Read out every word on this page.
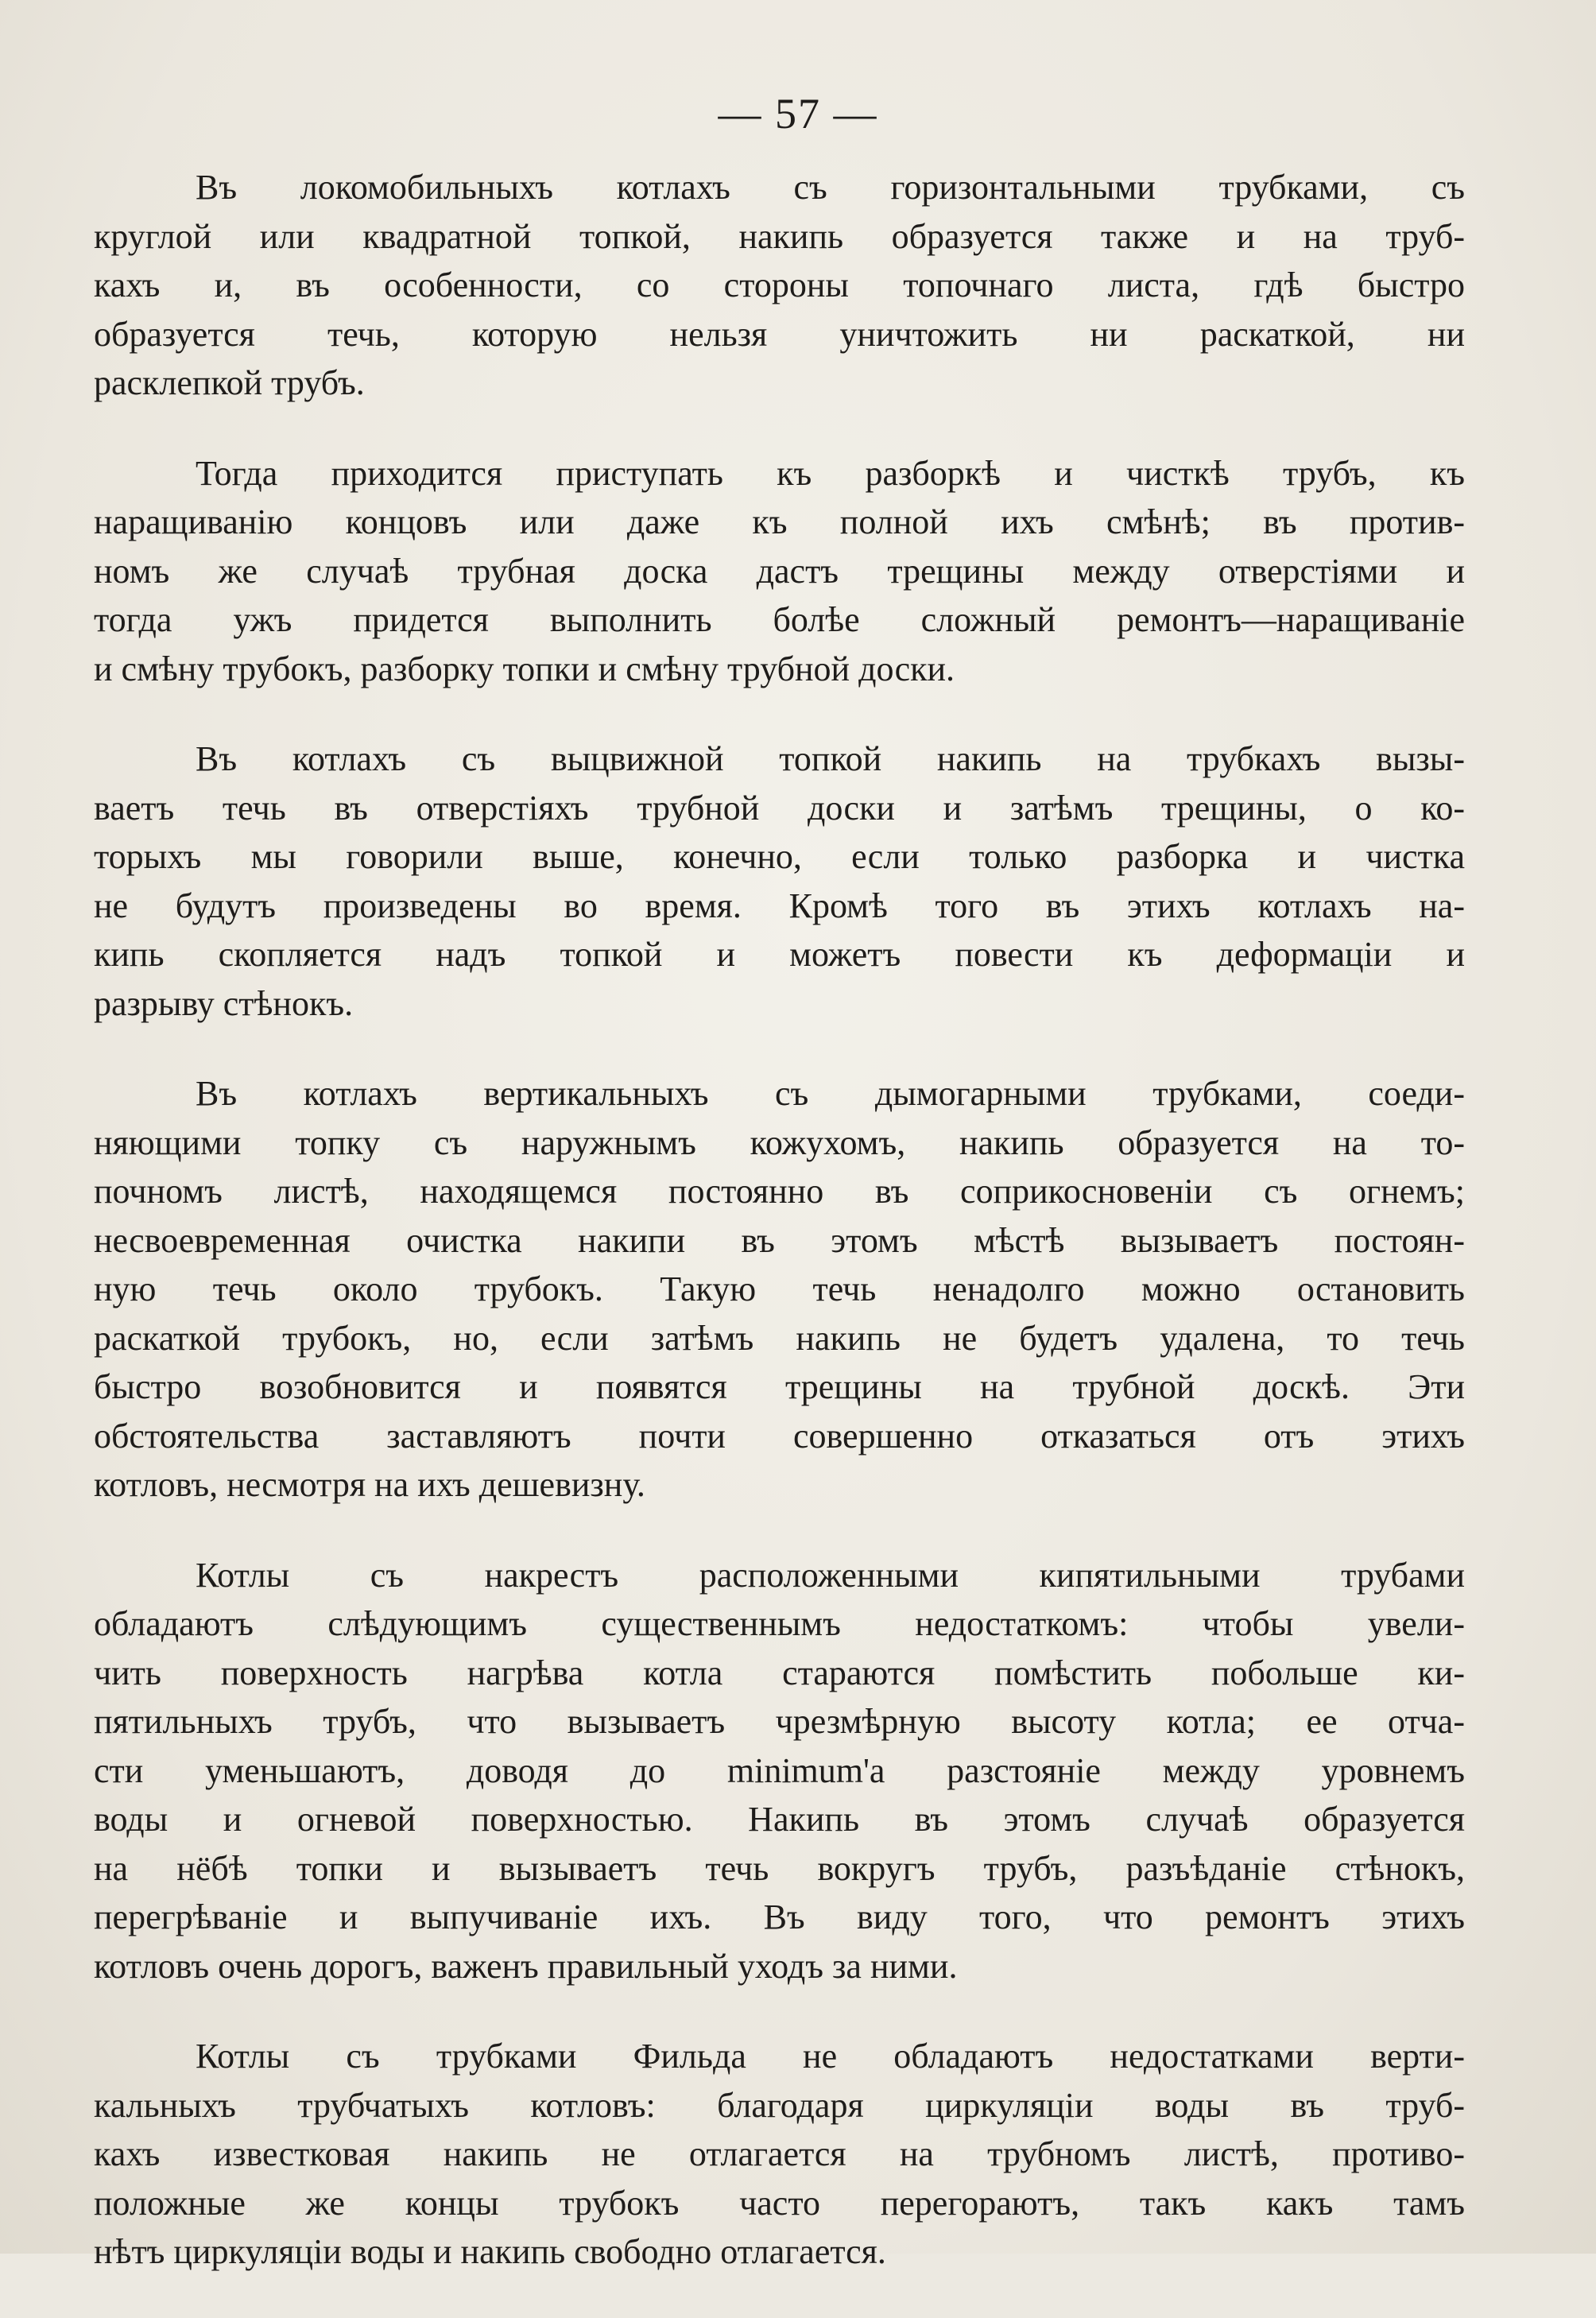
— 57 —
Въ локомобильныхъ котлахъ съ горизонтальными трубками, съ
круглой или квадратной топкой, накипь образуется также и на труб-
кахъ и, въ особенности, со стороны топочнаго листа, гдѣ быстро
образуется течь, которую нельзя уничтожить ни раскаткой, ни
расклепкой трубъ.
Тогда приходится приступать къ разборкѣ и чисткѣ трубъ, къ
наращиванію концовъ или даже къ полной ихъ смѣнѣ; въ против-
номъ же случаѣ трубная доска дастъ трещины между отверстіями и
тогда ужъ придется выполнить болѣе сложный ремонтъ—наращиваніе
и смѣну трубокъ, разборку топки и смѣну трубной доски.
Въ котлахъ съ выцвижной топкой накипь на трубкахъ вызы-
ваетъ течь въ отверстіяхъ трубной доски и затѣмъ трещины, о ко-
торыхъ мы говорили выше, конечно, если только разборка и чистка
не будутъ произведены во время. Кромѣ того въ этихъ котлахъ на-
кипь скопляется надъ топкой и можетъ повести къ деформаціи и
разрыву стѣнокъ.
Въ котлахъ вертикальныхъ съ дымогарными трубками, соеди-
няющими топку съ наружнымъ кожухомъ, накипь образуется на то-
почномъ листѣ, находящемся постоянно въ соприкосновеніи съ огнемъ;
несвоевременная очистка накипи въ этомъ мѣстѣ вызываетъ постоян-
ную течь около трубокъ. Такую течь ненадолго можно остановить
раскаткой трубокъ, но, если затѣмъ накипь не будетъ удалена, то течь
быстро возобновится и появятся трещины на трубной доскѣ. Эти
обстоятельства заставляютъ почти совершенно отказаться отъ этихъ
котловъ, несмотря на ихъ дешевизну.
Котлы съ накрестъ расположенными кипятильными трубами
обладаютъ слѣдующимъ существеннымъ недостаткомъ: чтобы увели-
чить поверхность нагрѣва котла стараются помѣстить побольше ки-
пятильныхъ трубъ, что вызываетъ чрезмѣрную высоту котла; ее отча-
сти уменьшаютъ, доводя до minimum'а разстояніе между уровнемъ
воды и огневой поверхностью. Накипь въ этомъ случаѣ образуется
на нёбѣ топки и вызываетъ течь вокругъ трубъ, разъѣданіе стѣнокъ,
перегрѣваніе и выпучиваніе ихъ. Въ виду того, что ремонтъ этихъ
котловъ очень дорогъ, важенъ правильный уходъ за ними.
Котлы съ трубками Фильда не обладаютъ недостатками верти-
кальныхъ трубчатыхъ котловъ: благодаря циркуляціи воды въ труб-
кахъ известковая накипь не отлагается на трубномъ листѣ, противо-
положные же концы трубокъ часто перегораютъ, такъ какъ тамъ
нѣтъ циркуляціи воды и накипь свободно отлагается.
